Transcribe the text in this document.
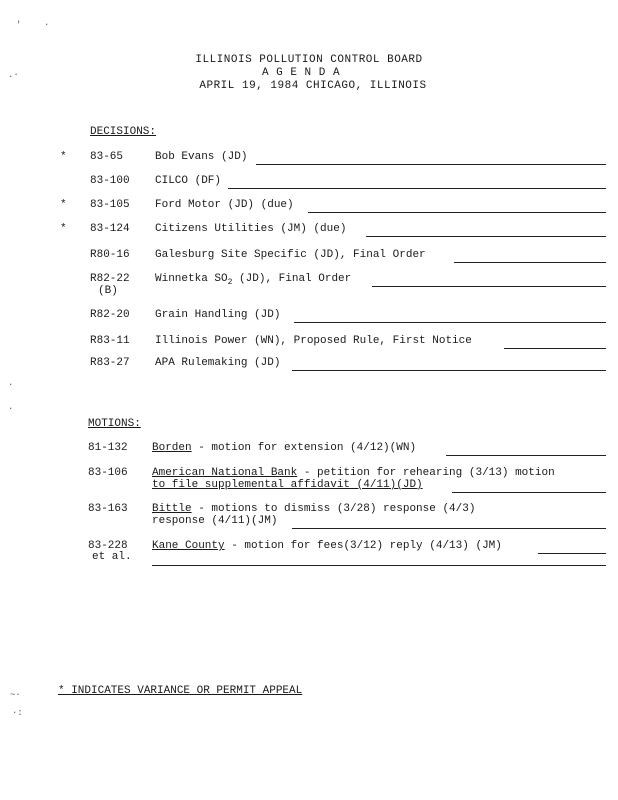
ILLINOIS POLLUTION CONTROL BOARD
A G E N D A
APRIL 19, 1984 CHICAGO, ILLINOIS
DECISIONS:
* 83-65	Bob Evans (JD)
83-100 CILCO (DF)
* 83-105 Ford Motor (JD) (due)
* 83-124 Citizens Utilities (JM) (due)
R80-16 Galesburg Site Specific (JD), Final Order
R82-22
(B)
Winnetka $SO_2$ (JD), Final Order
R82-20 Grain Handling (JD)
R83-11 Illinois Power (WN), Proposed Rule, First Notice
R83-27 APA Rulemaking (JD)
MOTIONS:
81-132 Borden - motion for extension (4/12)(WN)
83-106 American National Bank - petition for rehearing (3/13) motion
to file supplemental affidavit (4/11)(JD)
83-163 Bittle - motions to dismiss (3/28) response (4/3)
response (4/11)(JM)
83-228
et al.
Kane County - motion for fees(3/12) reply (4/13) (JM)
* INDICATES VARIANCE OR PERMIT APPEAL
'	·
.·
·
·
~·
·:
